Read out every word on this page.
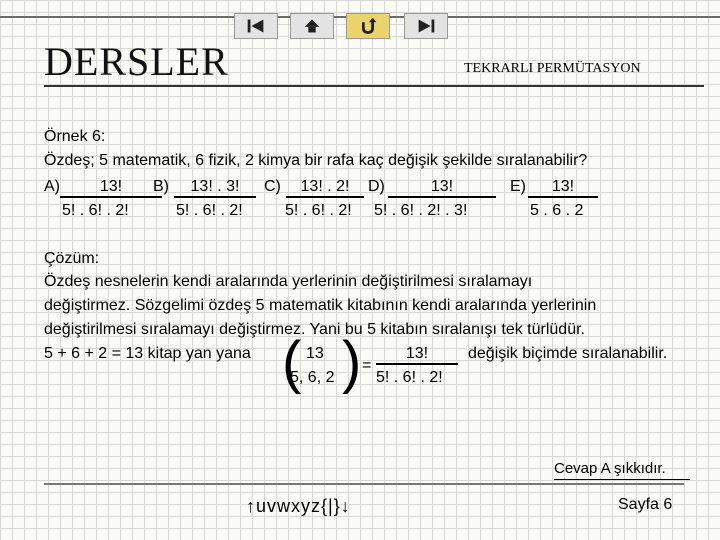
DERSLER	TEKRARLI PERMÜTASYON
Örnek 6:
Özdeş; 5 matematik, 6 fizik, 2 kimya bir rafa kaç değişik şekilde sıralanabilir?
A)	13!
5! . 6! . 2!
B)	13! . 3!
5! . 6! . 2!
C)	13! . 2!
5! . 6! . 2!
D)	13!
5! . 6! . 2! . 3!
E)	13!
5 . 6 . 2
Çözüm:
Özdeş nesnelerin kendi aralarında yerlerinin değiştirilmesi sıralamayı
değiştirmez. Sözgelimi özdeş 5 matematik kitabının kendi aralarında yerlerinin
değiştirilmesi sıralamayı değiştirmez. Yani bu 5 kitabın sıralanışı tek türlüdür.
5 + 6 + 2 = 13 kitap yan yana ( 13
5, 6, 2 ) =
13!
5! . 6! . 2!
değişik biçimde sıralanabilir.
Cevap A şıkkıdır.
↑uvwxyz{|}↓	Sayfa 6
